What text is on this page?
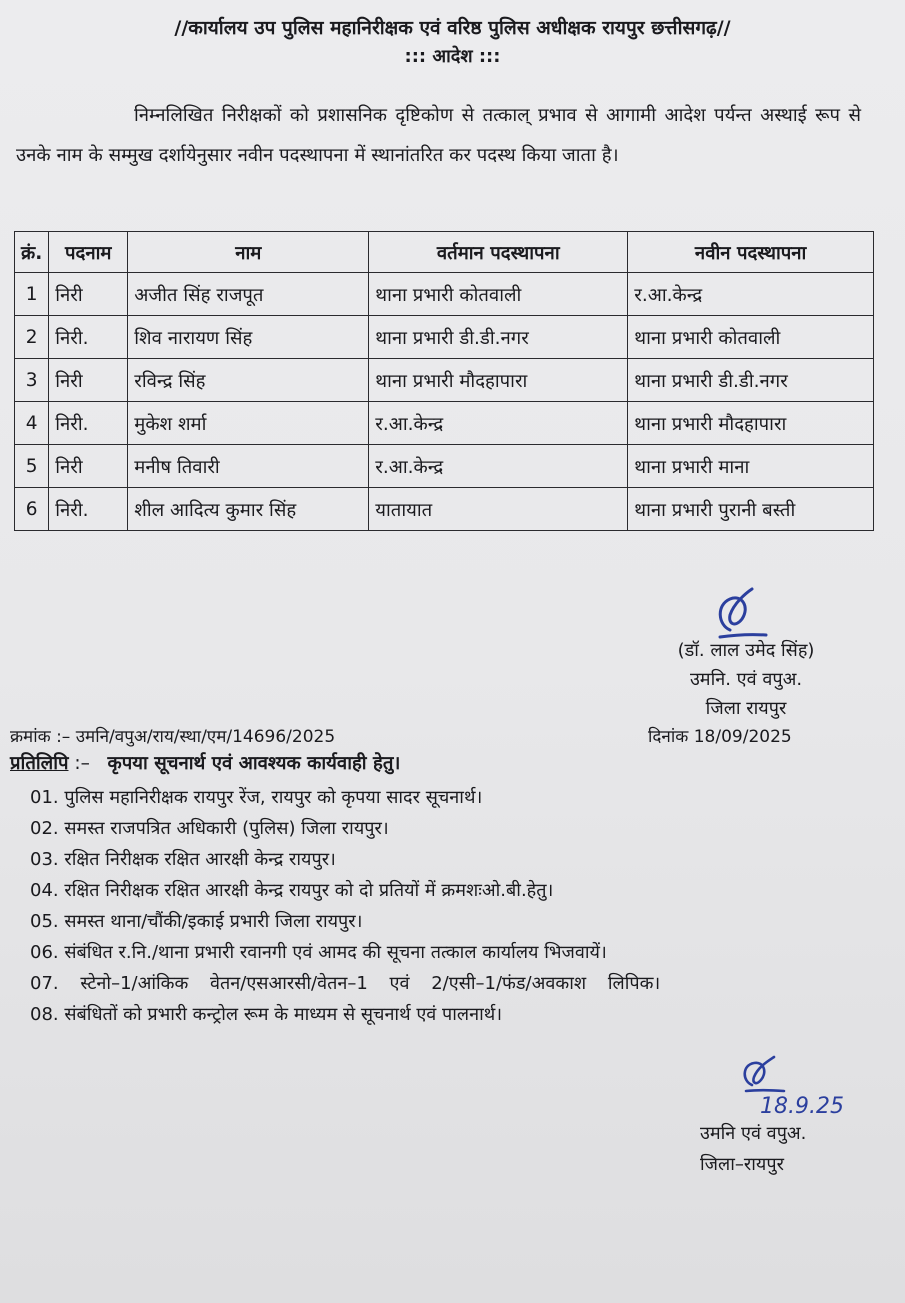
//कार्यालय उप पुलिस महानिरीक्षक एवं वरिष्ठ पुलिस अधीक्षक रायपुर छत्तीसगढ़//
::: आदेश :::
निम्नलिखित निरीक्षकों को प्रशासनिक दृष्टिकोण से तत्काल् प्रभाव से आगामी आदेश पर्यन्त अस्थाई रूप से उनके नाम के सम्मुख दर्शायेनुसार नवीन पदस्थापना में स्थानांतरित कर पदस्थ किया जाता है।
क्रं.	पदनाम	नाम	वर्तमान पदस्थापना	नवीन पदस्थापना
1	निरी	अजीत सिंह राजपूत	थाना प्रभारी कोतवाली	र.आ.केन्द्र
2	निरी.	शिव नारायण सिंह	थाना प्रभारी डी.डी.नगर	थाना प्रभारी कोतवाली
3	निरी	रविन्द्र सिंह	थाना प्रभारी मौदहापारा	थाना प्रभारी डी.डी.नगर
4	निरी.	मुकेश शर्मा	र.आ.केन्द्र	थाना प्रभारी मौदहापारा
5	निरी	मनीष तिवारी	र.आ.केन्द्र	थाना प्रभारी माना
6	निरी.	शील आदित्य कुमार सिंह	यातायात	थाना प्रभारी पुरानी बस्ती
(डॉ. लाल उमेद सिंह)
उमनि. एवं वपुअ.
जिला रायपुर
क्रमांक :– उमनि/वपुअ/राय/स्था/एम/14696/2025	दिनांक 18/09/2025
प्रतिलिपि :– कृपया सूचनार्थ एवं आवश्यक कार्यवाही हेतु।
01. पुलिस महानिरीक्षक रायपुर रेंज, रायपुर को कृपया सादर सूचनार्थ।
02. समस्त राजपत्रित अधिकारी (पुलिस) जिला रायपुर।
03. रक्षित निरीक्षक रक्षित आरक्षी केन्द्र रायपुर।
04. रक्षित निरीक्षक रक्षित आरक्षी केन्द्र रायपुर को दो प्रतियों में क्रमशःओ.बी.हेतु।
05. समस्त थाना/चौंकी/इकाई प्रभारी जिला रायपुर।
06. संबंधित र.नि./थाना प्रभारी रवानगी एवं आमद की सूचना तत्काल कार्यालय भिजवायें।
07. स्टेनो–1/आंकिक वेतन/एसआरसी/वेतन–1 एवं 2/एसी–1/फंड/अवकाश लिपिक।
08. संबंधितों को प्रभारी कन्ट्रोल रूम के माध्यम से सूचनार्थ एवं पालनार्थ।
18.9.25
उमनि एवं वपुअ.
जिला–रायपुर
